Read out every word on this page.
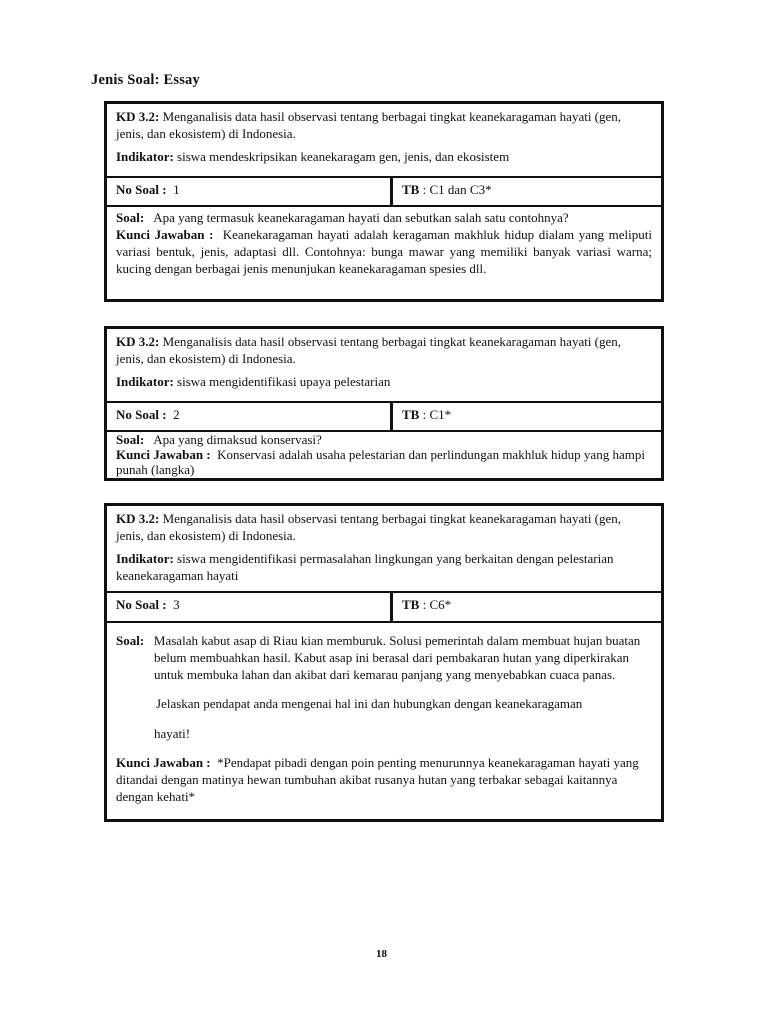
Jenis Soal: Essay

KD 3.2: Menganalisis data hasil observasi tentang berbagai tingkat keanekaragaman hayati (gen, jenis, dan ekosistem) di Indonesia.

Indikator: siswa mendeskripsikan keanekaragam gen, jenis, dan ekosistem

No Soal : 1	TB : C1 dan C3*

Soal: Apa yang termasuk keanekaragaman hayati dan sebutkan salah satu contohnya?

Kunci Jawaban : Keanekaragaman hayati adalah keragaman makhluk hidup dialam yang meliputi variasi bentuk, jenis, adaptasi dll. Contohnya: bunga mawar yang memiliki banyak variasi warna; kucing dengan berbagai jenis menunjukan keanekaragaman spesies dll.

KD 3.2: Menganalisis data hasil observasi tentang berbagai tingkat keanekaragaman hayati (gen, jenis, dan ekosistem) di Indonesia.

Indikator: siswa mengidentifikasi upaya pelestarian

No Soal : 2	TB : C1*

Soal: Apa yang dimaksud konservasi?

Kunci Jawaban : Konservasi adalah usaha pelestarian dan perlindungan makhluk hidup yang hampi punah (langka)

KD 3.2: Menganalisis data hasil observasi tentang berbagai tingkat keanekaragaman hayati (gen, jenis, dan ekosistem) di Indonesia.

Indikator: siswa mengidentifikasi permasalahan lingkungan yang berkaitan dengan pelestarian keanekaragaman hayati

No Soal : 3	TB : C6*

Soal: Masalah kabut asap di Riau kian memburuk. Solusi pemerintah dalam membuat hujan buatan belum membuahkan hasil. Kabut asap ini berasal dari pembakaran hutan yang diperkirakan untuk membuka lahan dan akibat dari kemarau panjang yang menyebabkan cuaca panas.

Jelaskan pendapat anda mengenai hal ini dan hubungkan dengan keanekaragaman

hayati!

Kunci Jawaban : *Pendapat pibadi dengan poin penting menurunnya keanekaragaman hayati yang ditandai dengan matinya hewan tumbuhan akibat rusanya hutan yang terbakar sebagai kaitannya dengan kehati*

18
